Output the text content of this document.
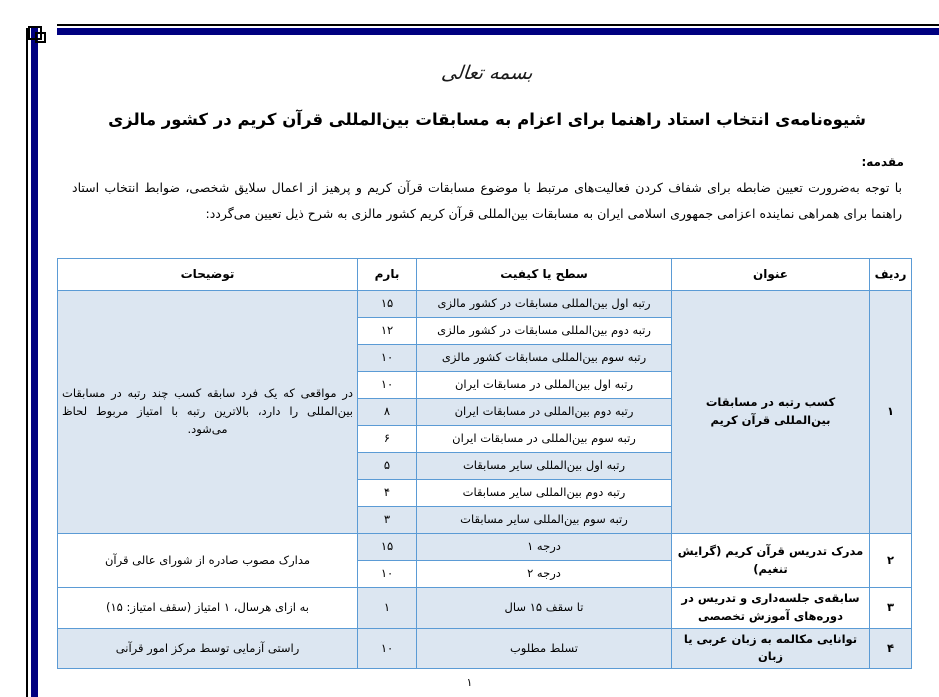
بسمه تعالی
شیوه‌نامه‌ی انتخاب استاد راهنما برای اعزام به مسابقات بین‌المللی قرآن کریم در کشور مالزی
مقدمه:
با توجه به‌ضرورت تعیین ضابطه برای شفاف کردن فعالیت‌های مرتبط با موضوع مسابقات قرآن کریم و پرهیز از اعمال سلایق شخصی، ضوابط انتخاب استاد راهنما برای همراهی نماینده اعزامی جمهوری اسلامی ایران به مسابقات بین‌المللی قرآن کریم کشور مالزی به شرح ذیل تعیین می‌گردد:
ردیف	عنوان	سطح یا کیفیت	بارم	توضیحات
۱	کسب رتبه در مسابقات بین‌المللی قرآن کریم	رتبه اول بین‌المللی مسابقات در کشور مالزی	۱۵	در مواقعی که یک فرد سابقه کسب چند رتبه در مسابقات بین‌المللی را دارد، بالاترین رتبه با امتیاز مربوط لحاظ می‌شود.
		رتبه دوم بین‌المللی مسابقات در کشور مالزی	۱۲	
		رتبه سوم بین‌المللی مسابقات کشور مالزی	۱۰	
		رتبه اول بین‌المللی در مسابقات ایران	۱۰	
		رتبه دوم بین‌المللی در مسابقات ایران	۸	
		رتبه سوم بین‌المللی در مسابقات ایران	۶	
		رتبه اول بین‌المللی سایر مسابقات	۵	
		رتبه دوم بین‌المللی سایر مسابقات	۴	
		رتبه سوم بین‌المللی سایر مسابقات	۳	
۲	مدرک تدریس قرآن کریم (گرایش تنغیم)	درجه ۱	۱۵	مدارک مصوب صادره از شورای عالی قرآن
		درجه ۲	۱۰	
۳	سابقه‌ی جلسه‌داری و تدریس در دوره‌های آموزش تخصصی	تا سقف ۱۵ سال	۱	به ازای هرسال، ۱ امتیاز (سقف امتیاز: ۱۵)
۴	توانایی مکالمه به زبان عربی یا زبان	تسلط مطلوب	۱۰	راستی آزمایی توسط مرکز امور قرآنی
۱
